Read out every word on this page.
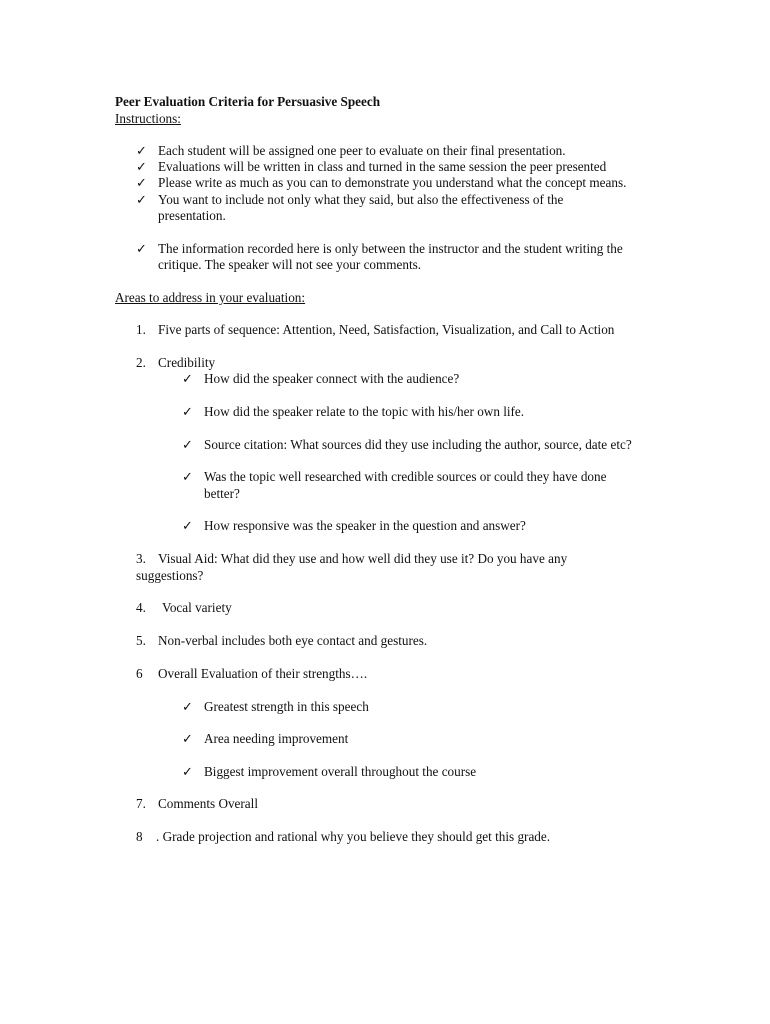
Peer Evaluation Criteria for Persuasive Speech
Instructions:
✓ Each student will be assigned one peer to evaluate on their final presentation.
✓ Evaluations will be written in class and turned in the same session the peer presented
✓ Please write as much as you can to demonstrate you understand what the concept means.
✓ You want to include not only what they said, but also the effectiveness of the
presentation.
✓ The information recorded here is only between the instructor and the student writing the
critique. The speaker will not see your comments.
Areas to address in your evaluation:
1. Five parts of sequence: Attention, Need, Satisfaction, Visualization, and Call to Action
2. Credibility
✓ How did the speaker connect with the audience?
✓ How did the speaker relate to the topic with his/her own life.
✓ Source citation: What sources did they use including the author, source, date etc?
✓ Was the topic well researched with credible sources or could they have done
better?
✓ How responsive was the speaker in the question and answer?
3. Visual Aid: What did they use and how well did they use it? Do you have any
suggestions?
4. Vocal variety
5. Non-verbal includes both eye contact and gestures.
6 Overall Evaluation of their strengths….
✓ Greatest strength in this speech
✓ Area needing improvement
✓ Biggest improvement overall throughout the course
7. Comments Overall
8 . Grade projection and rational why you believe they should get this grade.
